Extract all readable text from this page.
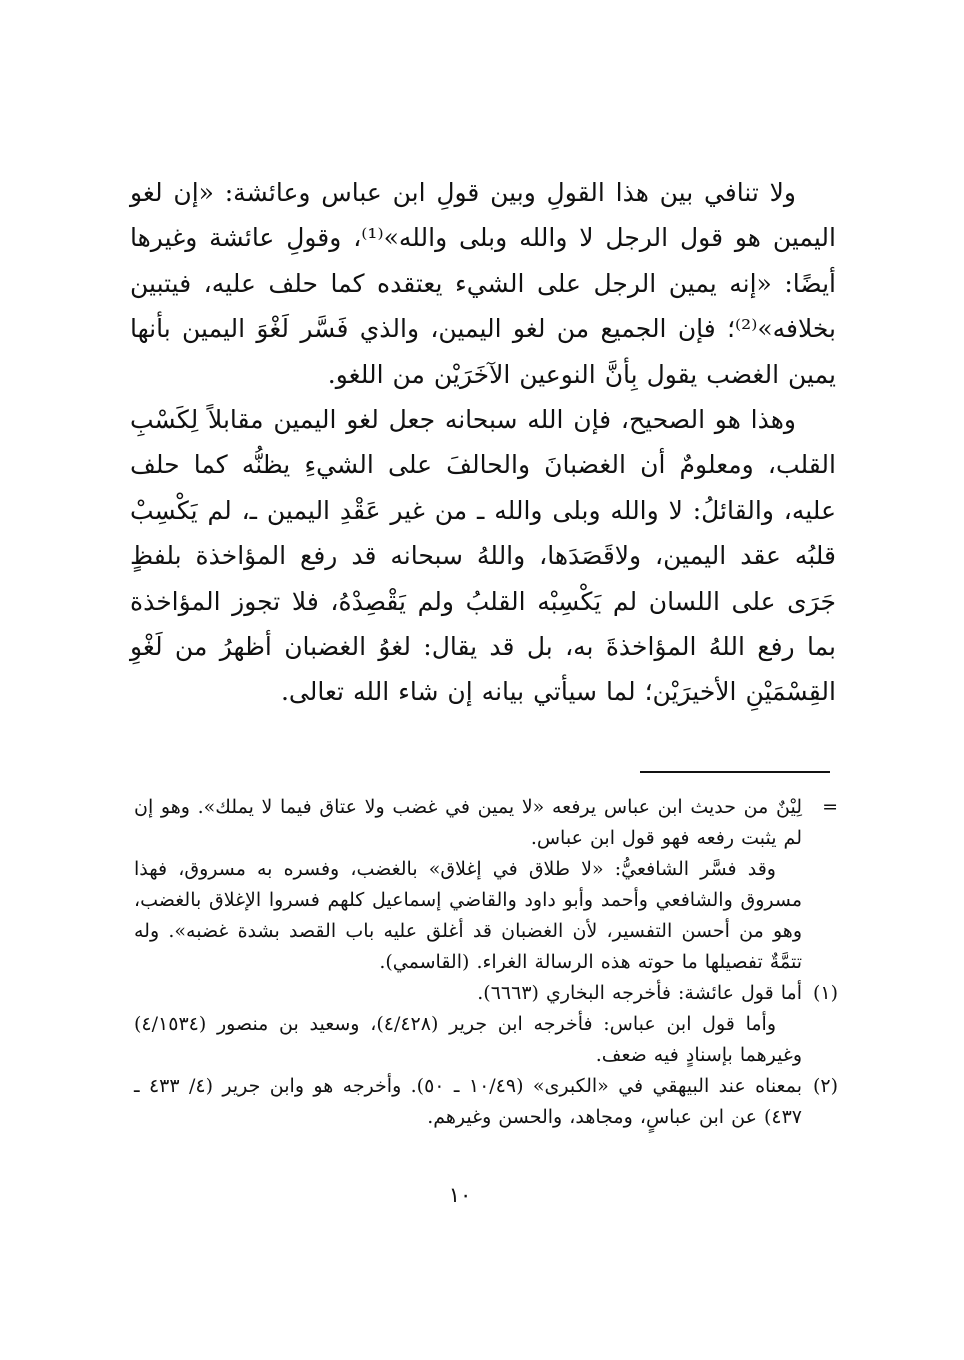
ولا تنافي بين هذا القولِ وبين قولِ ابن عباس وعائشة: «إن لغو اليمين هو قول الرجل لا والله وبلى والله»⁽¹⁾، وقولِ عائشة وغيرها أيضًا: «إنه يمين الرجل على الشيء يعتقده كما حلف عليه، فيتبين بخلافه»⁽²⁾؛ فإن الجميع من لغو اليمين، والذي فَسَّر لَغْوَ اليمين بأنها يمين الغضب يقول بِأنَّ النوعين الآخَرَيْن من اللغو.

وهذا هو الصحيح، فإن الله سبحانه جعل لغو اليمين مقابلاً لِكَسْبِ القلب، ومعلومٌ أن الغضبانَ والحالفَ على الشيءِ يظنُّه كما حلف عليه، والقائلُ: لا والله وبلى والله ـ من غير عَقْدِ اليمين ـ، لم يَكْسِبْ قلبُه عقد اليمين، ولاقَصَدَها، واللهُ سبحانه قد رفع المؤاخذة بلفظٍ جَرَى على اللسان لم يَكْسِبْه القلبُ ولم يَقْصِدْهُ، فلا تجوز المؤاخذة بما رفع اللهُ المؤاخذةَ به، بل قد يقال: لغوُ الغضبان أظهرُ من لَغْوِ القِسْمَيْنِ الأخيرَيْن؛ لما سيأتي بيانه إن شاء الله تعالى.

=

لِيْنٌ من حديث ابن عباس يرفعه «لا يمين في غضب ولا عتاق فيما لا يملك». وهو إن لم يثبت رفعه فهو قول ابن عباس.

وقد فسَّر الشافعيُّ: «لا طلاق في إغلاق» بالغضب، وفسره به مسروق، فهذا مسروق والشافعي وأحمد وأبو داود والقاضي إسماعيل كلهم فسروا الإغلاق بالغضب، وهو من أحسن التفسير، لأن الغضبان قد أغلق عليه باب القصد بشدة غضبه». وله تتمَّةٌ تفصيلها ما حوته هذه الرسالة الغراء. (القاسمي).

(١)

أما قول عائشة: فأخرجه البخاري (٦٦٦٣).

وأما قول ابن عباس: فأخرجه ابن جرير (٤/٤٢٨)، وسعيد بن منصور (٤/١٥٣٤) وغيرهما بإسنادٍ فيه ضعف.

(٢)

بمعناه عند البيهقي في «الكبرى» (١٠/٤٩ ـ ٥٠). وأخرجه هو وابن جرير (٤/ ٤٣٣ ـ ٤٣٧) عن ابن عباسٍ، ومجاهد، والحسن وغيرهم.

١٠
